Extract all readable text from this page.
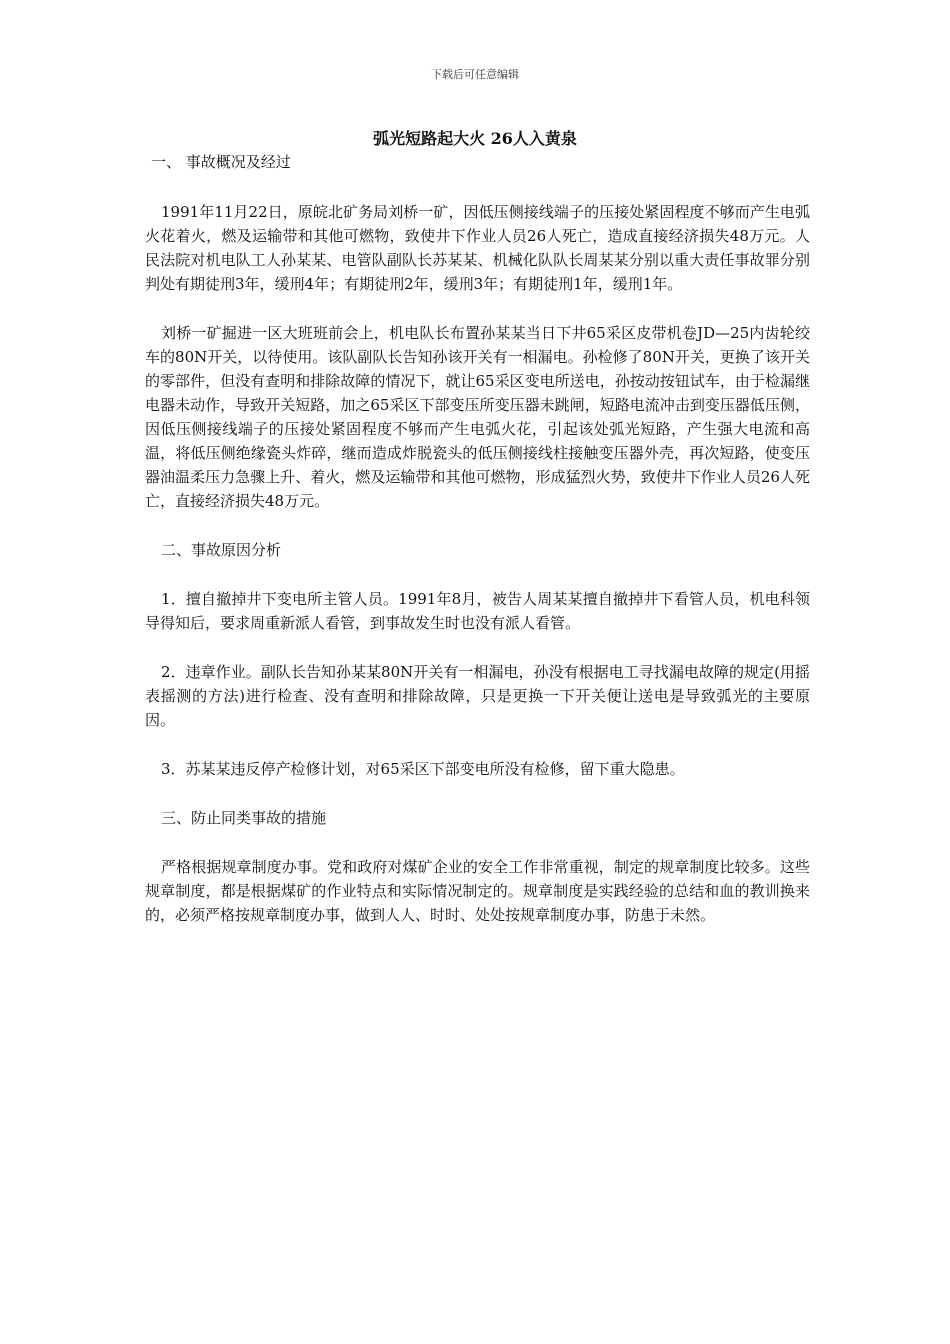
下载后可任意编辑
弧光短路起大火 26人入黄泉
一、 事故概况及经过

1991年11月22日，原皖北矿务局刘桥一矿，因低压侧接线端子的压接处紧固程度不够而产生电弧火花着火，燃及运输带和其他可燃物，致使井下作业人员26人死亡，造成直接经济损失48万元。人民法院对机电队工人孙某某、电管队副队长苏某某、机械化队队长周某某分别以重大责任事故罪分别判处有期徒刑3年，缓刑4年；有期徒刑2年，缓刑3年；有期徒刑1年，缓刑1年。

刘桥一矿掘进一区大班班前会上，机电队长布置孙某某当日下井65采区皮带机卷JD—25内齿轮绞车的80N开关，以待使用。该队副队长告知孙该开关有一相漏电。孙检修了80N开关，更换了该开关的零部件，但没有查明和排除故障的情况下，就让65采区变电所送电，孙按动按钮试车，由于检漏继电器未动作，导致开关短路，加之65采区下部变压所变压器未跳闸，短路电流冲击到变压器低压侧，因低压侧接线端子的压接处紧固程度不够而产生电弧火花，引起该处弧光短路，产生强大电流和高温，将低压侧绝缘瓷头炸碎，继而造成炸脱瓷头的低压侧接线柱接触变压器外壳，再次短路，使变压器油温柔压力急骤上升、着火，燃及运输带和其他可燃物，形成猛烈火势，致使井下作业人员26人死亡，直接经济损失48万元。

二、事故原因分析

1．擅自撤掉井下变电所主管人员。1991年8月，被告人周某某擅自撤掉井下看管人员，机电科领导得知后，要求周重新派人看管，到事故发生时也没有派人看管。

2．违章作业。副队长告知孙某某80N开关有一相漏电，孙没有根据电工寻找漏电故障的规定(用摇表摇测的方法)进行检查、没有查明和排除故障，只是更换一下开关便让送电是导致弧光的主要原因。

3．苏某某违反停产检修计划，对65采区下部变电所没有检修，留下重大隐患。

三、防止同类事故的措施

严格根据规章制度办事。党和政府对煤矿企业的安全工作非常重视，制定的规章制度比较多。这些规章制度，都是根据煤矿的作业特点和实际情况制定的。规章制度是实践经验的总结和血的教训换来的，必须严格按规章制度办事，做到人人、时时、处处按规章制度办事，防患于未然。
